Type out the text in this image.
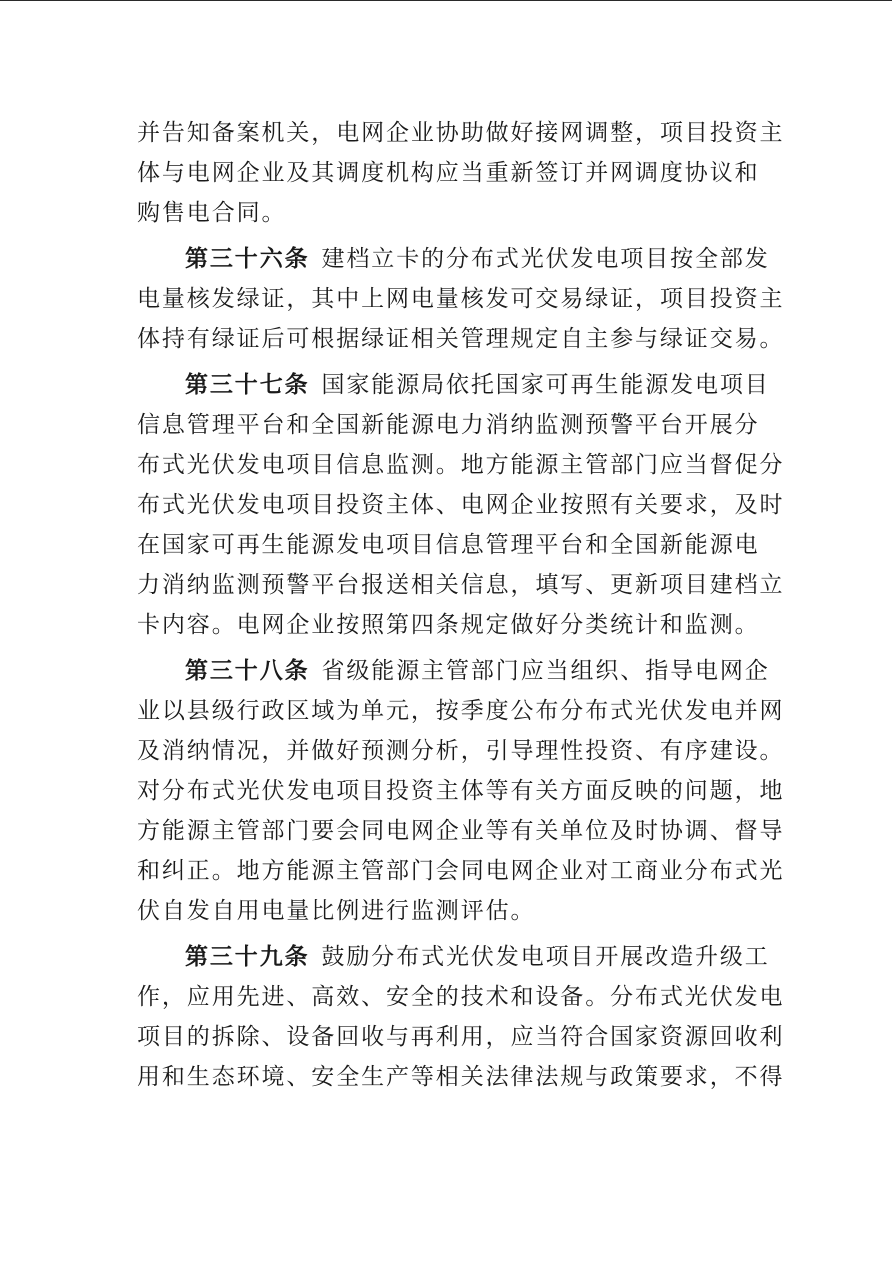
并告知备案机关，电网企业协助做好接网调整，项目投资主
体与电网企业及其调度机构应当重新签订并网调度协议和
购售电合同。
第三十六条 建档立卡的分布式光伏发电项目按全部发
电量核发绿证，其中上网电量核发可交易绿证，项目投资主
体持有绿证后可根据绿证相关管理规定自主参与绿证交易。
第三十七条 国家能源局依托国家可再生能源发电项目
信息管理平台和全国新能源电力消纳监测预警平台开展分
布式光伏发电项目信息监测。地方能源主管部门应当督促分
布式光伏发电项目投资主体、电网企业按照有关要求，及时
在国家可再生能源发电项目信息管理平台和全国新能源电
力消纳监测预警平台报送相关信息，填写、更新项目建档立
卡内容。电网企业按照第四条规定做好分类统计和监测。
第三十八条 省级能源主管部门应当组织、指导电网企
业以县级行政区域为单元，按季度公布分布式光伏发电并网
及消纳情况，并做好预测分析，引导理性投资、有序建设。
对分布式光伏发电项目投资主体等有关方面反映的问题，地
方能源主管部门要会同电网企业等有关单位及时协调、督导
和纠正。地方能源主管部门会同电网企业对工商业分布式光
伏自发自用电量比例进行监测评估。
第三十九条 鼓励分布式光伏发电项目开展改造升级工
作，应用先进、高效、安全的技术和设备。分布式光伏发电
项目的拆除、设备回收与再利用，应当符合国家资源回收利
用和生态环境、安全生产等相关法律法规与政策要求，不得
